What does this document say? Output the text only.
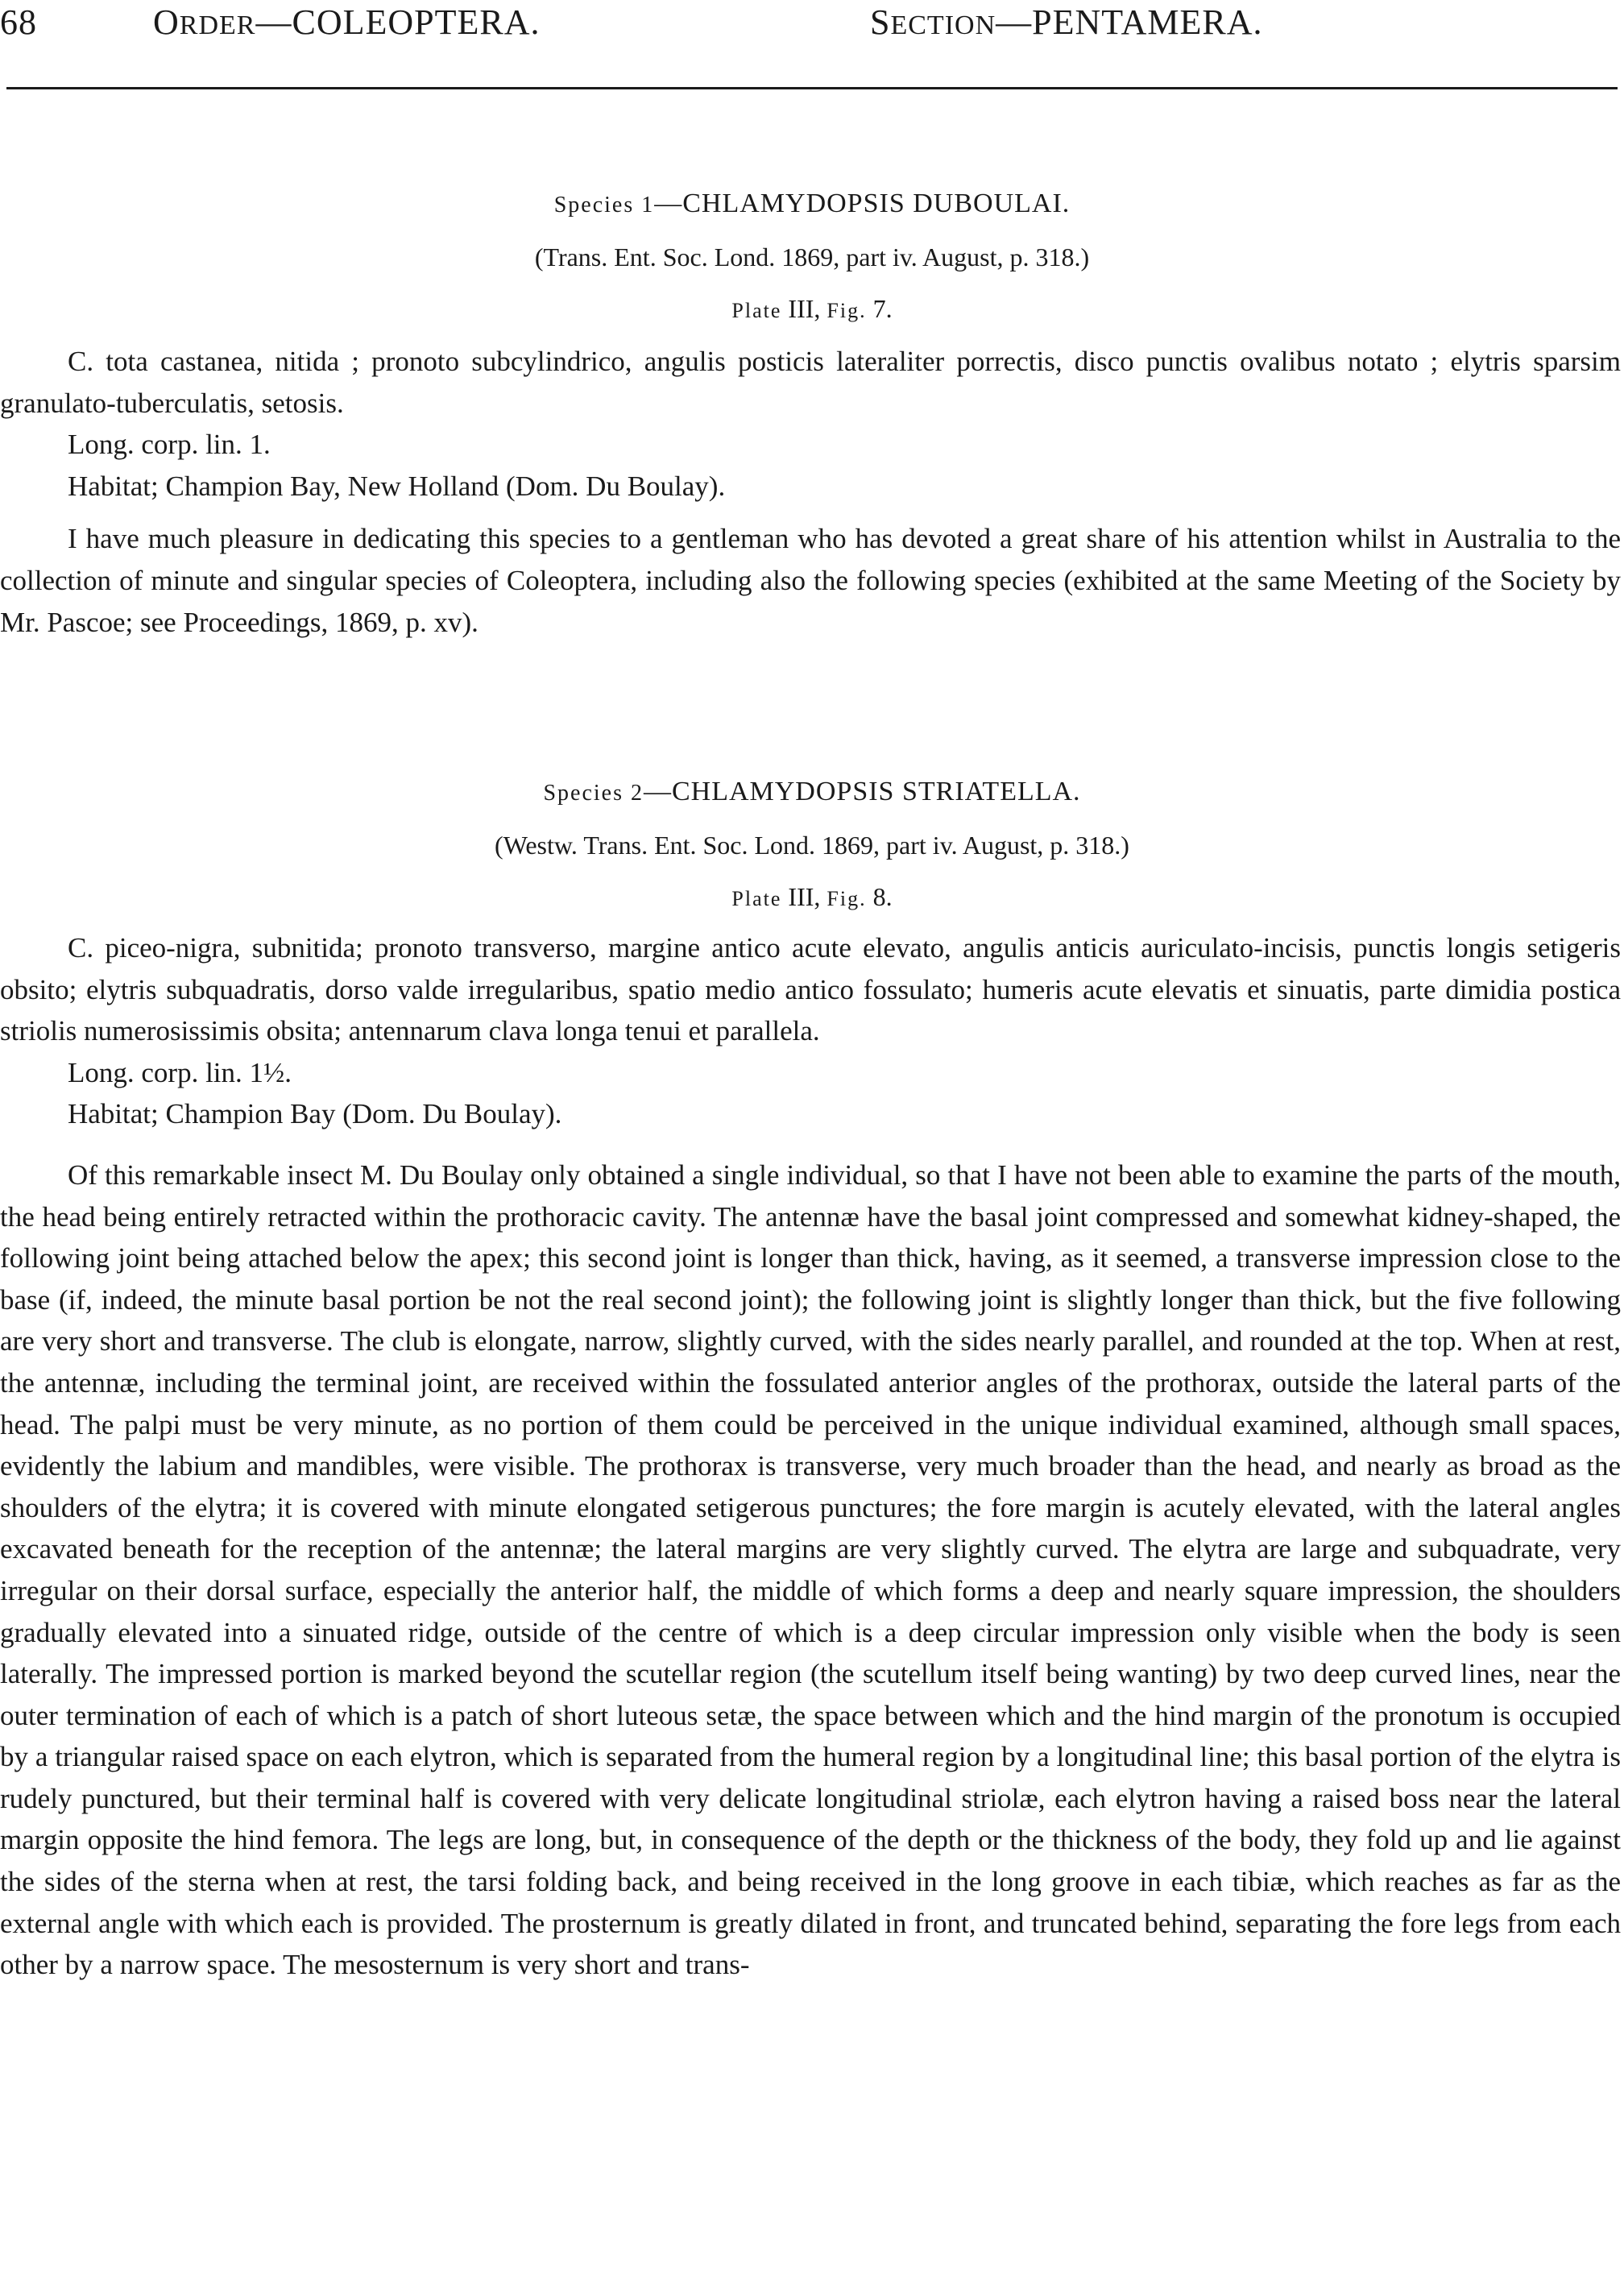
68	ORDER—COLEOPTERA.	SECTION—PENTAMERA.

Species 1—CHLAMYDOPSIS DUBOULAI.

(Trans. Ent. Soc. Lond. 1869, part iv. August, p. 318.)

Plate III, Fig. 7.

C. tota castanea, nitida ; pronoto subcylindrico, angulis posticis lateraliter porrectis, disco punctis ovalibus notato ; elytris sparsim granulato-tuberculatis, setosis.

Long. corp. lin. 1.

Habitat; Champion Bay, New Holland (Dom. Du Boulay).

I have much pleasure in dedicating this species to a gentleman who has devoted a great share of his attention whilst in Australia to the collection of minute and singular species of Coleoptera, including also the following species (exhibited at the same Meeting of the Society by Mr. Pascoe; see Proceedings, 1869, p. xv).

Species 2—CHLAMYDOPSIS STRIATELLA.

(Westw. Trans. Ent. Soc. Lond. 1869, part iv. August, p. 318.)

Plate III, Fig. 8.

C. piceo-nigra, subnitida; pronoto transverso, margine antico acute elevato, angulis anticis auriculato-incisis, punctis longis setigeris obsito; elytris subquadratis, dorso valde irregularibus, spatio medio antico fossulato; humeris acute elevatis et sinuatis, parte dimidia postica striolis numerosissimis obsita; antennarum clava longa tenui et parallela.

Long. corp. lin. 1½.

Habitat; Champion Bay (Dom. Du Boulay).

Of this remarkable insect M. Du Boulay only obtained a single individual, so that I have not been able to examine the parts of the mouth, the head being entirely retracted within the prothoracic cavity. The antennæ have the basal joint compressed and somewhat kidney-shaped, the following joint being attached below the apex; this second joint is longer than thick, having, as it seemed, a transverse impression close to the base (if, indeed, the minute basal portion be not the real second joint); the following joint is slightly longer than thick, but the five following are very short and transverse. The club is elongate, narrow, slightly curved, with the sides nearly parallel, and rounded at the top. When at rest, the antennæ, including the terminal joint, are received within the fossulated anterior angles of the prothorax, outside the lateral parts of the head. The palpi must be very minute, as no portion of them could be perceived in the unique individual examined, although small spaces, evidently the labium and mandibles, were visible. The prothorax is transverse, very much broader than the head, and nearly as broad as the shoulders of the elytra; it is covered with minute elongated setigerous punctures; the fore margin is acutely elevated, with the lateral angles excavated beneath for the reception of the antennæ; the lateral margins are very slightly curved. The elytra are large and subquadrate, very irregular on their dorsal surface, especially the anterior half, the middle of which forms a deep and nearly square impression, the shoulders gradually elevated into a sinuated ridge, outside of the centre of which is a deep circular impression only visible when the body is seen laterally. The impressed portion is marked beyond the scutellar region (the scutellum itself being wanting) by two deep curved lines, near the outer termination of each of which is a patch of short luteous setæ, the space between which and the hind margin of the pronotum is occupied by a triangular raised space on each elytron, which is separated from the humeral region by a longitudinal line; this basal portion of the elytra is rudely punctured, but their terminal half is covered with very delicate longitudinal striolæ, each elytron having a raised boss near the lateral margin opposite the hind femora. The legs are long, but, in consequence of the depth or the thickness of the body, they fold up and lie against the sides of the sterna when at rest, the tarsi folding back, and being received in the long groove in each tibiæ, which reaches as far as the external angle with which each is provided. The prosternum is greatly dilated in front, and truncated behind, separating the fore legs from each other by a narrow space. The mesosternum is very short and trans-
